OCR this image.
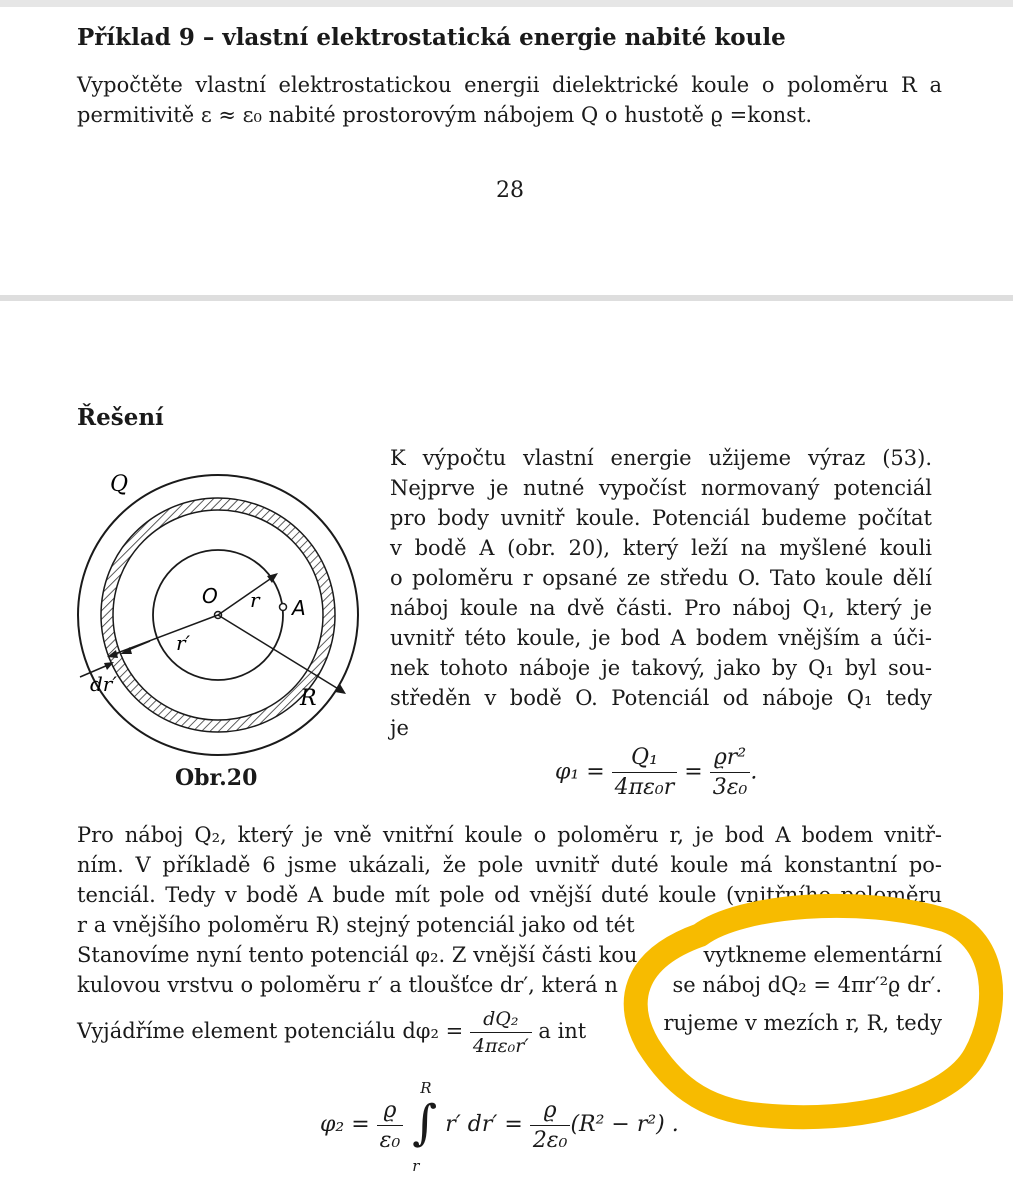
Příklad 9 – vlastní elektrostatická energie nabité koule
Vypočtěte vlastní elektrostatickou energii dielektrické koule o poloměru R a
permitivitě ε ≈ ε₀ nabité prostorovým nábojem Q o hustotě ϱ =konst.
28
Řešení
Q
O r A
r′
dr′
R
Obr.20
K výpočtu vlastní energie užijeme výraz (53).
Nejprve je nutné vypočíst normovaný potenciál
pro body uvnitř koule. Potenciál budeme počítat
v bodě A (obr. 20), který leží na myšlené kouli
o poloměru r opsané ze středu O. Tato koule dělí
náboj koule na dvě části. Pro náboj Q₁, který je
uvnitř této koule, je bod A bodem vnějším a úči-
nek tohoto náboje je takový, jako by Q₁ byl sou-
středěn v bodě O. Potenciál od náboje Q₁ tedy
je
$\varphi_1 = \frac{\text{Q₁}}{\text{4πε₀r}} = \frac{\text{ϱr²}}{\text{3ε₀}}$ .
Pro náboj Q₂, který je vně vnitřní koule o poloměru r, je bod A bodem vnitř-
ním. V příkladě 6 jsme ukázali, že pole uvnitř duté koule má konstantní po-
tenciál. Tedy v bodě A bude mít pole od vnější duté koule (vnitřního poloměru
r a vnějšího poloměru R) stejný potenciál jako od tét
Stanovíme nyní tento potenciál φ₂. Z vnější části kou	vytkneme elementární
kulovou vrstvu o poloměru r′ a tloušťce dr′, která n	se náboj dQ₂ = 4πr′²ϱ dr′.
Vyjádříme element potenciálu $d\varphi_2 = \frac{\text{dQ₂}}{\text{4πε₀r′}}$ a int	rujeme v mezích r, R, tedy
$\varphi_2 = \frac{ϱ}{\text{ε₀}}$

R
∫
r
r′ $dr' = \frac{ϱ}{\text{2ε₀}} (R^2 - r^2)$ .
